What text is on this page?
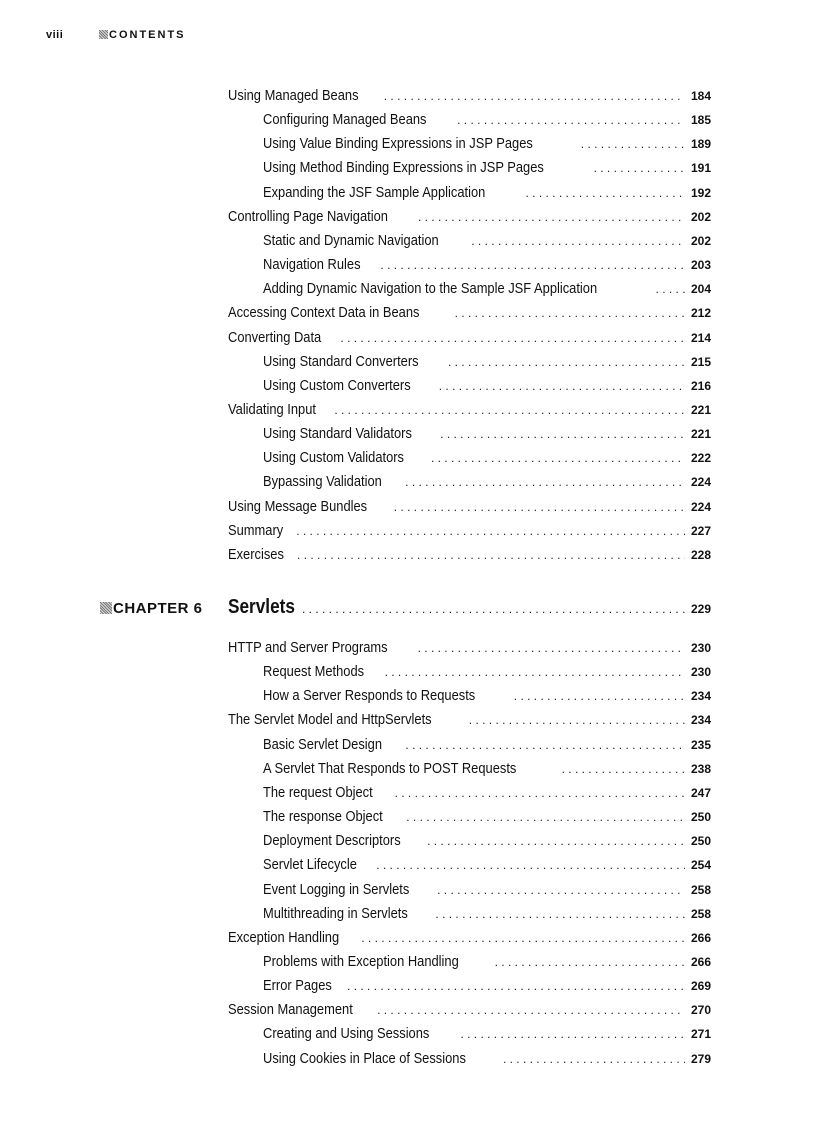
viii	CONTENTS
Using Managed Beans . . .	184
Configuring Managed Beans . . .	185
Using Value Binding Expressions in JSP Pages . . .	189
Using Method Binding Expressions in JSP Pages . . .	191
Expanding the JSF Sample Application . . .	192
Controlling Page Navigation . . .	202
Static and Dynamic Navigation . . .	202
Navigation Rules . . .	203
Adding Dynamic Navigation to the Sample JSF Application . . .	204
Accessing Context Data in Beans . . .	212
Converting Data . . .	214
Using Standard Converters . . .	215
Using Custom Converters . . .	216
Validating Input . . .	221
Using Standard Validators . . .	221
Using Custom Validators . . .	222
Bypassing Validation . . .	224
Using Message Bundles . . .	224
Summary . . .	227
Exercises . . .	228
CHAPTER 6 Servlets . . .	229
HTTP and Server Programs . . .	230
Request Methods . . .	230
How a Server Responds to Requests . . .	234
The Servlet Model and HttpServlets . . .	234
Basic Servlet Design . . .	235
A Servlet That Responds to POST Requests . . .	238
The request Object . . .	247
The response Object . . .	250
Deployment Descriptors . . .	250
Servlet Lifecycle . . .	254
Event Logging in Servlets . . .	258
Multithreading in Servlets . . .	258
Exception Handling . . .	266
Problems with Exception Handling . . .	266
Error Pages . . .	269
Session Management . . .	270
Creating and Using Sessions . . .	271
Using Cookies in Place of Sessions . . .	279
